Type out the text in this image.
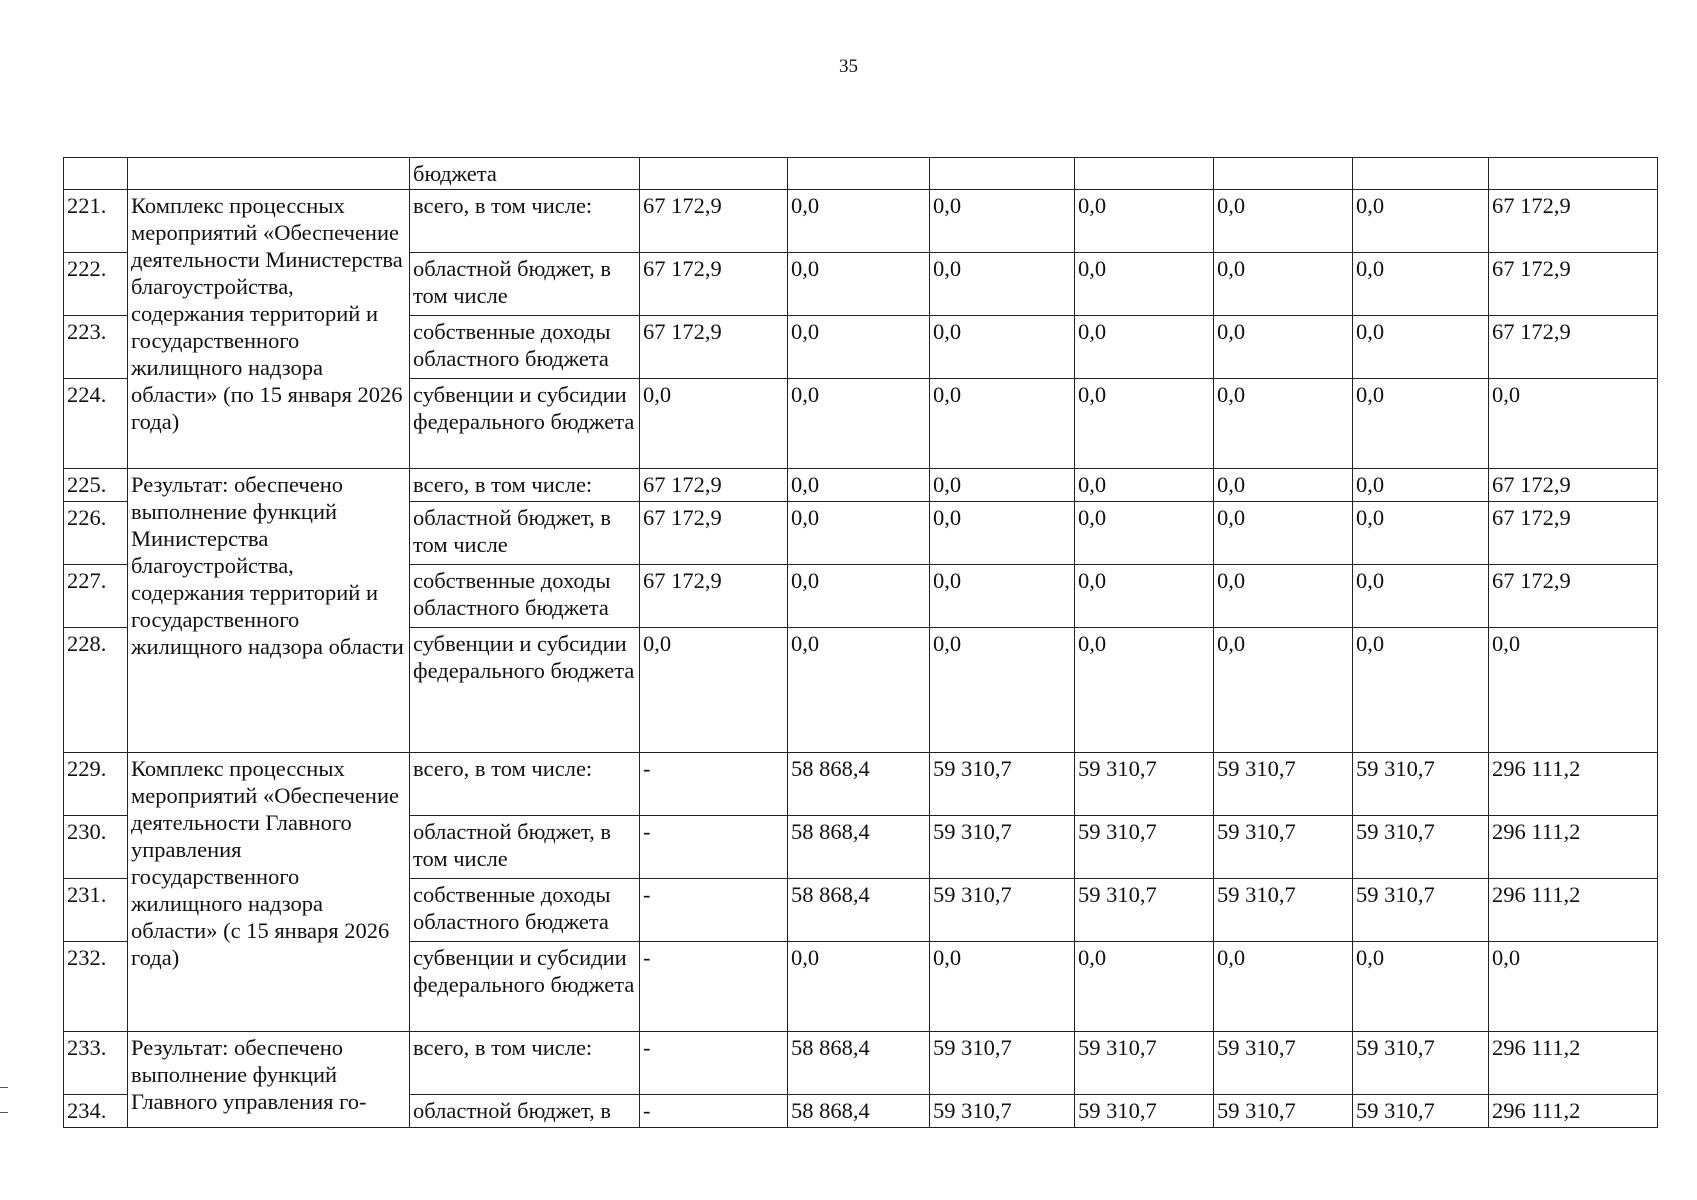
35
		бюджета							
221.	Комплекс процессных мероприятий «Обеспечение деятельности Министерства благоустройства, содержания территорий и государственного жилищного надзора области» (по 15 января 2026 года)	всего, в том числе:	67 172,9	0,0	0,0	0,0	0,0	0,0	67 172,9
222.		областной бюджет, в том числе	67 172,9	0,0	0,0	0,0	0,0	0,0	67 172,9
223.		собственные доходы областного бюджета	67 172,9	0,0	0,0	0,0	0,0	0,0	67 172,9
224.		субвенции и субсидии федерального бюджета	0,0	0,0	0,0	0,0	0,0	0,0	0,0
225.	Результат: обеспечено выполнение функций Министерства благоустройства, содержания территорий и государственного жилищного надзора области	всего, в том числе:	67 172,9	0,0	0,0	0,0	0,0	0,0	67 172,9
226.		областной бюджет, в том числе	67 172,9	0,0	0,0	0,0	0,0	0,0	67 172,9
227.		собственные доходы областного бюджета	67 172,9	0,0	0,0	0,0	0,0	0,0	67 172,9
228.		субвенции и субсидии федерального бюджета	0,0	0,0	0,0	0,0	0,0	0,0	0,0
229.	Комплекс процессных мероприятий «Обеспечение деятельности Главного управления государственного жилищного надзора области» (с 15 января 2026 года)	всего, в том числе:	-	58 868,4	59 310,7	59 310,7	59 310,7	59 310,7	296 111,2
230.		областной бюджет, в том числе	-	58 868,4	59 310,7	59 310,7	59 310,7	59 310,7	296 111,2
231.		собственные доходы областного бюджета	-	58 868,4	59 310,7	59 310,7	59 310,7	59 310,7	296 111,2
232.		субвенции и субсидии федерального бюджета	-	0,0	0,0	0,0	0,0	0,0	0,0
233.	Результат: обеспечено выполнение функций Главного управления го-	всего, в том числе:	-	58 868,4	59 310,7	59 310,7	59 310,7	59 310,7	296 111,2
234.		областной бюджет, в	-	58 868,4	59 310,7	59 310,7	59 310,7	59 310,7	296 111,2
